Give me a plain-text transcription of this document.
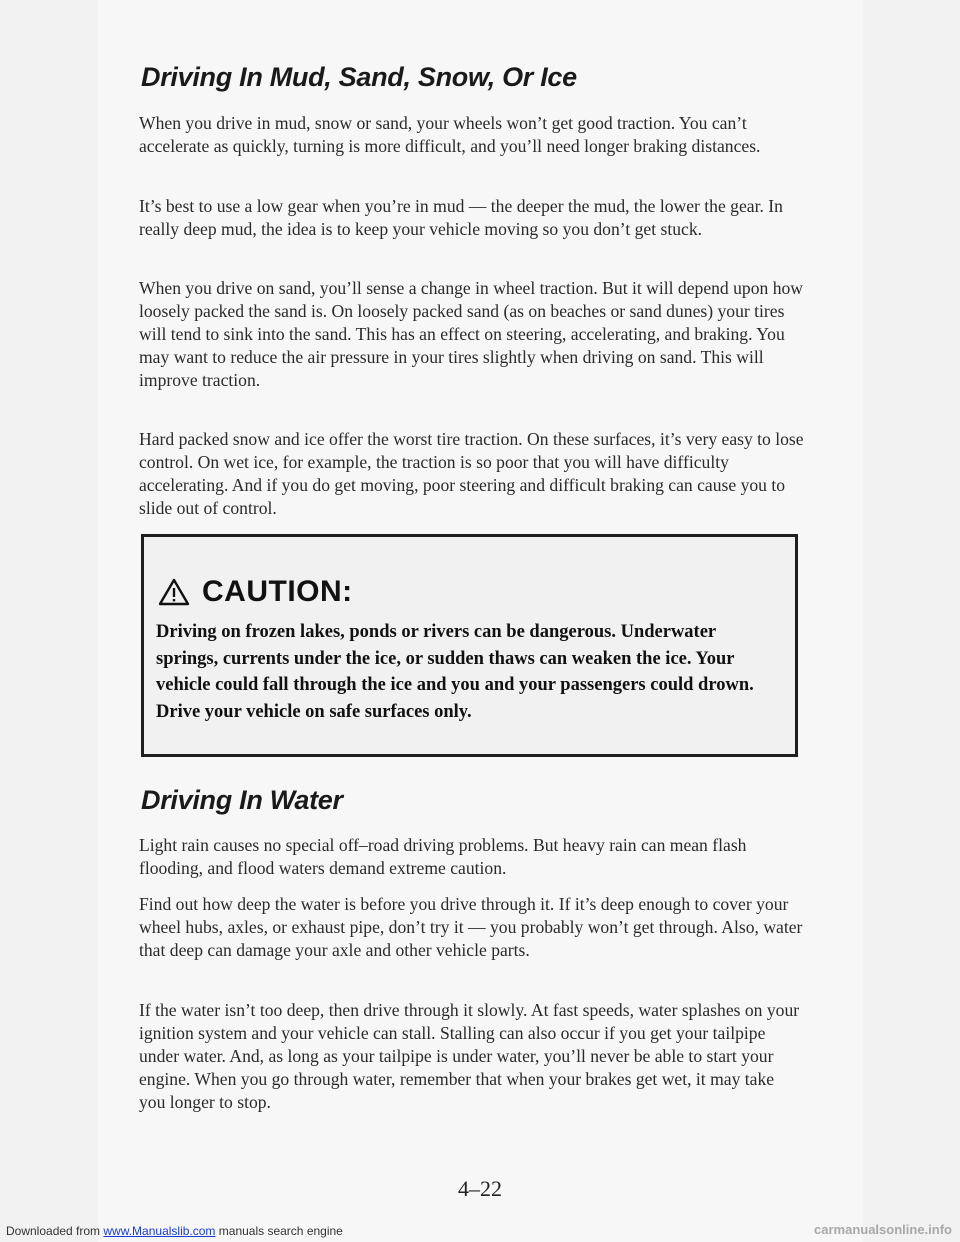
Driving In Mud, Sand, Snow, Or Ice

When you drive in mud, snow or sand, your wheels won’t get good traction. You can’t accelerate as quickly, turning is more difficult, and you’ll need longer braking distances.

It’s best to use a low gear when you’re in mud — the deeper the mud, the lower the gear. In really deep mud, the idea is to keep your vehicle moving so you don’t get stuck.

When you drive on sand, you’ll sense a change in wheel traction. But it will depend upon how loosely packed the sand is. On loosely packed sand (as on beaches or sand dunes) your tires will tend to sink into the sand. This has an effect on steering, accelerating, and braking. You may want to reduce the air pressure in your tires slightly when driving on sand. This will improve traction.

Hard packed snow and ice offer the worst tire traction. On these surfaces, it’s very easy to lose control. On wet ice, for example, the traction is so poor that you will have difficulty accelerating. And if you do get moving, poor steering and difficult braking can cause you to slide out of control.

CAUTION:

Driving on frozen lakes, ponds or rivers can be dangerous. Underwater springs, currents under the ice, or sudden thaws can weaken the ice. Your vehicle could fall through the ice and you and your passengers could drown. Drive your vehicle on safe surfaces only.

Driving In Water

Light rain causes no special off–road driving problems. But heavy rain can mean flash flooding, and flood waters demand extreme caution.

Find out how deep the water is before you drive through it. If it’s deep enough to cover your wheel hubs, axles, or exhaust pipe, don’t try it — you probably won’t get through. Also, water that deep can damage your axle and other vehicle parts.

If the water isn’t too deep, then drive through it slowly. At fast speeds, water splashes on your ignition system and your vehicle can stall. Stalling can also occur if you get your tailpipe under water. And, as long as your tailpipe is under water, you’ll never be able to start your engine. When you go through water, remember that when your brakes get wet, it may take you longer to stop.

4–22
Downloaded from www.Manualslib.com manuals search engine	carmanualsonline.info
